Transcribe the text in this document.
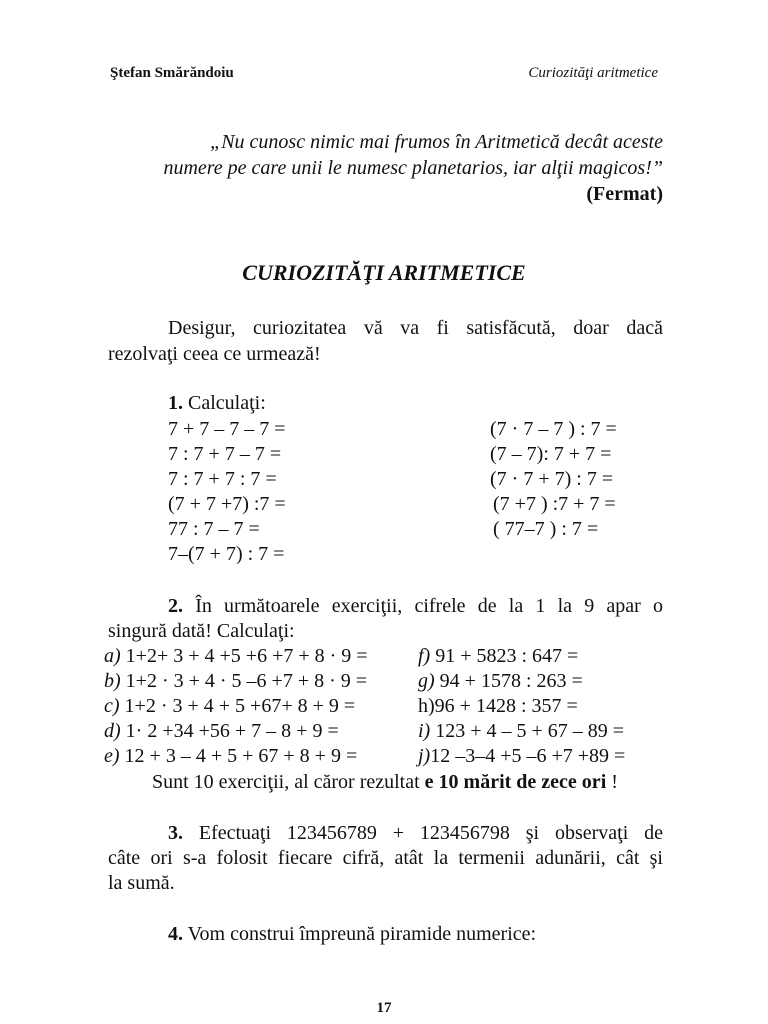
Ştefan Smărăndoiu	Curiozităţi aritmetice
„Nu cunosc nimic mai frumos în Aritmetică decât aceste
numere pe care unii le numesc planetarios, iar alţii magicos!”
(Fermat)
CURIOZITĂŢI ARITMETICE
Desigur, curiozitatea vă va fi satisfăcută, doar dacă
rezolvaţi ceea ce urmează!
1. Calculaţi:
7 + 7 – 7 – 7 =
7 : 7 + 7 – 7 =
7 : 7 + 7 : 7 =
(7 + 7 +7) :7 =
77 : 7 – 7 =
7–(7 + 7) : 7 =
(7 · 7 – 7 ) : 7 =
(7 – 7): 7 + 7 =
(7 · 7 + 7) : 7 =
(7 +7 ) :7 + 7 =
( 77–7 ) : 7 =
2. În următoarele exerciţii, cifrele de la 1 la 9 apar o
singură dată! Calculaţi:
a) 1+2+ 3 + 4 +5 +6 +7 + 8 · 9 =
b) 1+2 · 3 + 4 · 5 –6 +7 + 8 · 9 =
c) 1+2 · 3 + 4 + 5 +67+ 8 + 9 =
d) 1· 2 +34 +56 + 7 – 8 + 9 =
e) 12 + 3 – 4 + 5 + 67 + 8 + 9 =
f) 91 + 5823 : 647 =
g) 94 + 1578 : 263 =
h)96 + 1428 : 357 =
i) 123 + 4 – 5 + 67 – 89 =
j)12 –3–4 +5 –6 +7 +89 =
Sunt 10 exerciţii, al căror rezultat e 10 mărit de zece ori !
3. Efectuaţi 123456789 + 123456798 şi observaţi de
câte ori s-a folosit fiecare cifră, atât la termenii adunării, cât şi
la sumă.
4. Vom construi împreună piramide numerice:
17
